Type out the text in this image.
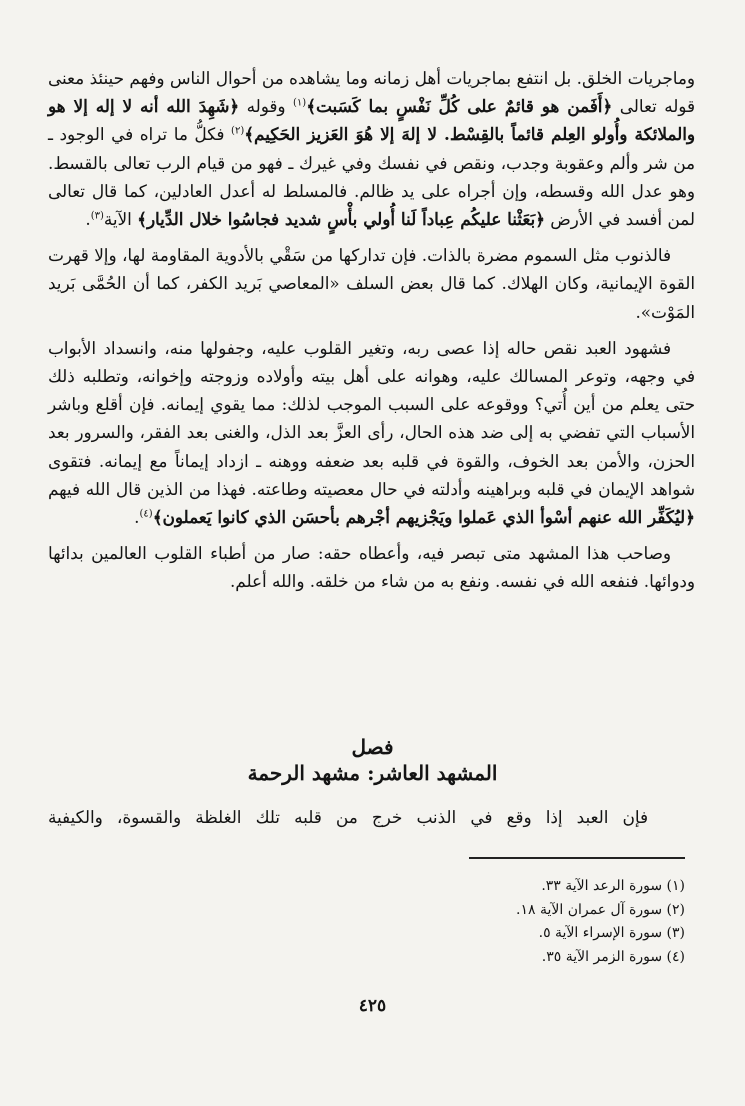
وماجريات الخلق. بل انتفع بماجريات أهل زمانه وما يشاهده من أحوال الناس وفهم حينئذ معنى قوله تعالى ﴿أَفَمن هو قائمٌ على كُلِّ نَفْسٍ بما كَسَبت﴾$^{(١)}$ وقوله ﴿شَهِدَ الله أنه لا إله إلا هو والملائكة وأُولو العِلم قائماً بالقِسْط. لا إلهَ إلا هُوَ العَزيز الحَكِيم﴾$^{(٢)}$ فكلُّ ما تراه في الوجود ـ من شر وألم وعقوبة وجدب، ونقص في نفسك وفي غيرك ـ فهو من قيام الرب تعالى بالقسط. وهو عدل الله وقسطه، وإن أجراه على يد ظالم. فالمسلط له أعدل العادلين، كما قال تعالى لمن أفسد في الأرض ﴿بَعَثْنا عليكُم عِباداً لَنا أُولي بأْسٍ شديد فجاسُوا خلال الدِّيار﴾ الآية$^{(٣)}$.

فالذنوب مثل السموم مضرة بالذات. فإن تداركها من سَقْي بالأدوية المقاومة لها، وإلا قهرت القوة الإيمانية، وكان الهلاك. كما قال بعض السلف «المعاصي بَريد الكفر، كما أن الحُمَّى بَريد المَوْت».

فشهود العبد نقص حاله إذا عصى ربه، وتغير القلوب عليه، وجفولها منه، وانسداد الأبواب في وجهه، وتوعر المسالك عليه، وهوانه على أهل بيته وأولاده وزوجته وإخوانه، وتطلبه ذلك حتى يعلم من أين أُتي؟ ووقوعه على السبب الموجب لذلك: مما يقوي إيمانه. فإن أقلع وباشر الأسباب التي تفضي به إلى ضد هذه الحال، رأى العزَّ بعد الذل، والغنى بعد الفقر، والسرور بعد الحزن، والأمن بعد الخوف، والقوة في قلبه بعد ضعفه ووهنه ـ ازداد إيماناً مع إيمانه. فتقوى شواهد الإيمان في قلبه وبراهينه وأدلته في حال معصيته وطاعته. فهذا من الذين قال الله فيهم ﴿ليُكَفِّر الله عنهم أسْوأ الذي عَملوا ويَجْزيهم أجْرهم بأحسَن الذي كانوا يَعملون﴾$^{(٤)}$.

وصاحب هذا المشهد متى تبصر فيه، وأعطاه حقه: صار من أطباء القلوب العالمين بدائها ودوائها. فنفعه الله في نفسه. ونفع به من شاء من خلقه. والله أعلم.

فصل
المشهد العاشر: مشهد الرحمة
فإن العبد إذا وقع في الذنب خرج من قلبه تلك الغلظة والقسوة، والكيفية
(١) سورة الرعد الآية ٣٣.
(٢) سورة آل عمران الآية ١٨.
(٣) سورة الإسراء الآية ٥.
(٤) سورة الزمر الآية ٣٥.
٤٢٥
